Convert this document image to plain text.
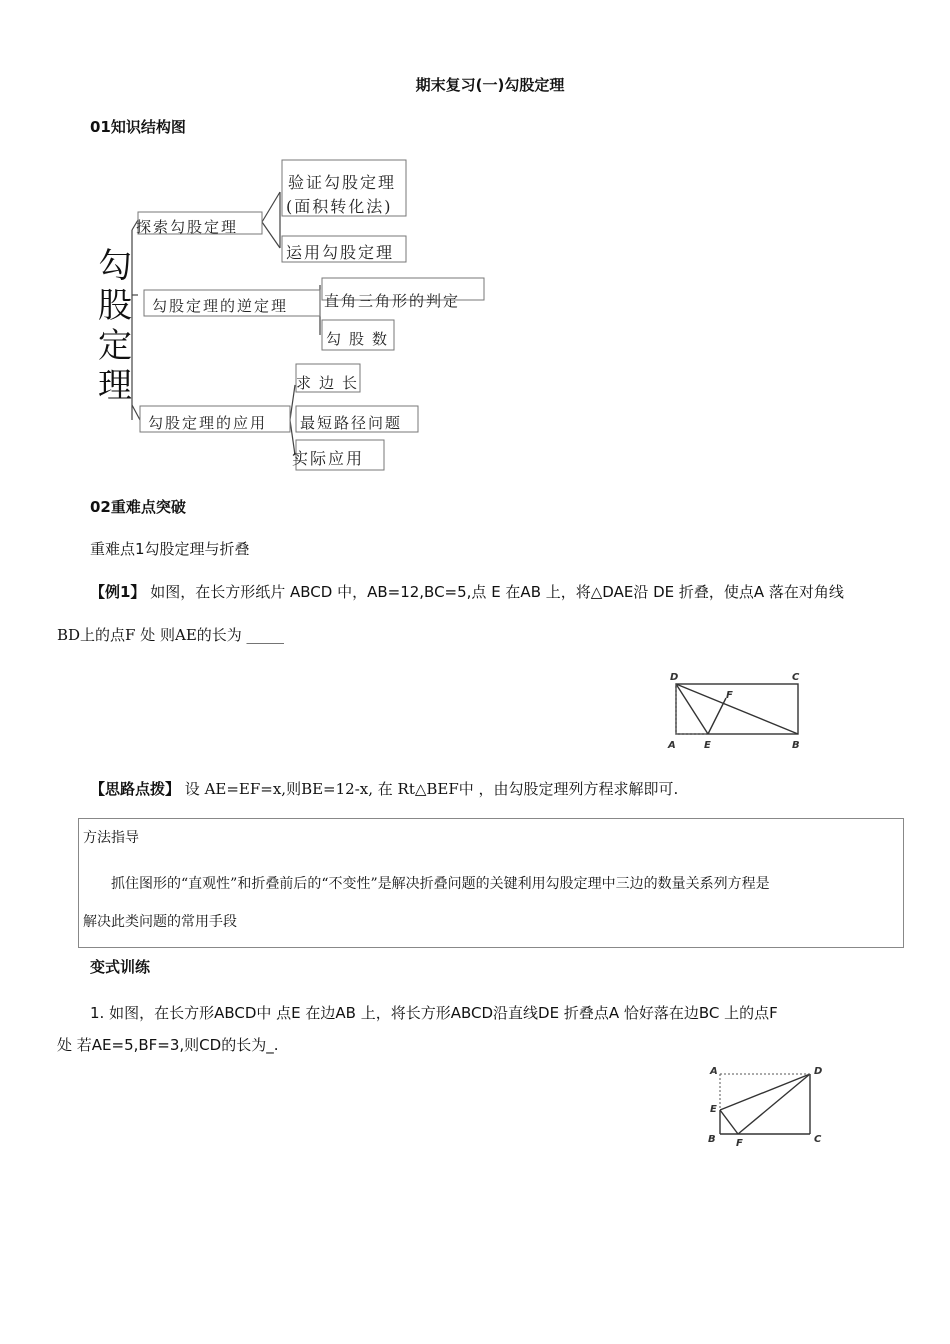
期末复习(一)勾股定理
01知识结构图
勾
股
定
理
探索勾股定理
验证勾股定理
(面积转化法)
运用勾股定理
勾股定理的逆定理 直角三角形的判定
勾股数
勾股定理的应用
求边长
最短路径问题
实际应用
02重难点突破
重难点1勾股定理与折叠
【例1】 如图，在长方形纸片 ABCD 中，AB=12,BC=5,点 E 在AB 上，将△DAE沿 DE 折叠，使点A 落在对角线
BD上的点F 处 则AE的长为 _____
D	C
F
A	E	B
【思路点拨】 设 AE=EF=x,则BE=12-x, 在 Rt△BEF中 ，由勾股定理列方程求解即可.
方法指导
抓住图形的“直观性”和折叠前后的“不变性”是解决折叠问题的关键利用勾股定理中三边的数量关系列方程是
解决此类问题的常用手段
变式训练
1. 如图，在长方形ABCD中 点E 在边AB 上，将长方形ABCD沿直线DE 折叠点A 恰好落在边BC 上的点F
处 若AE=5,BF=3,则CD的长为_.
A	D
E
B F	C
